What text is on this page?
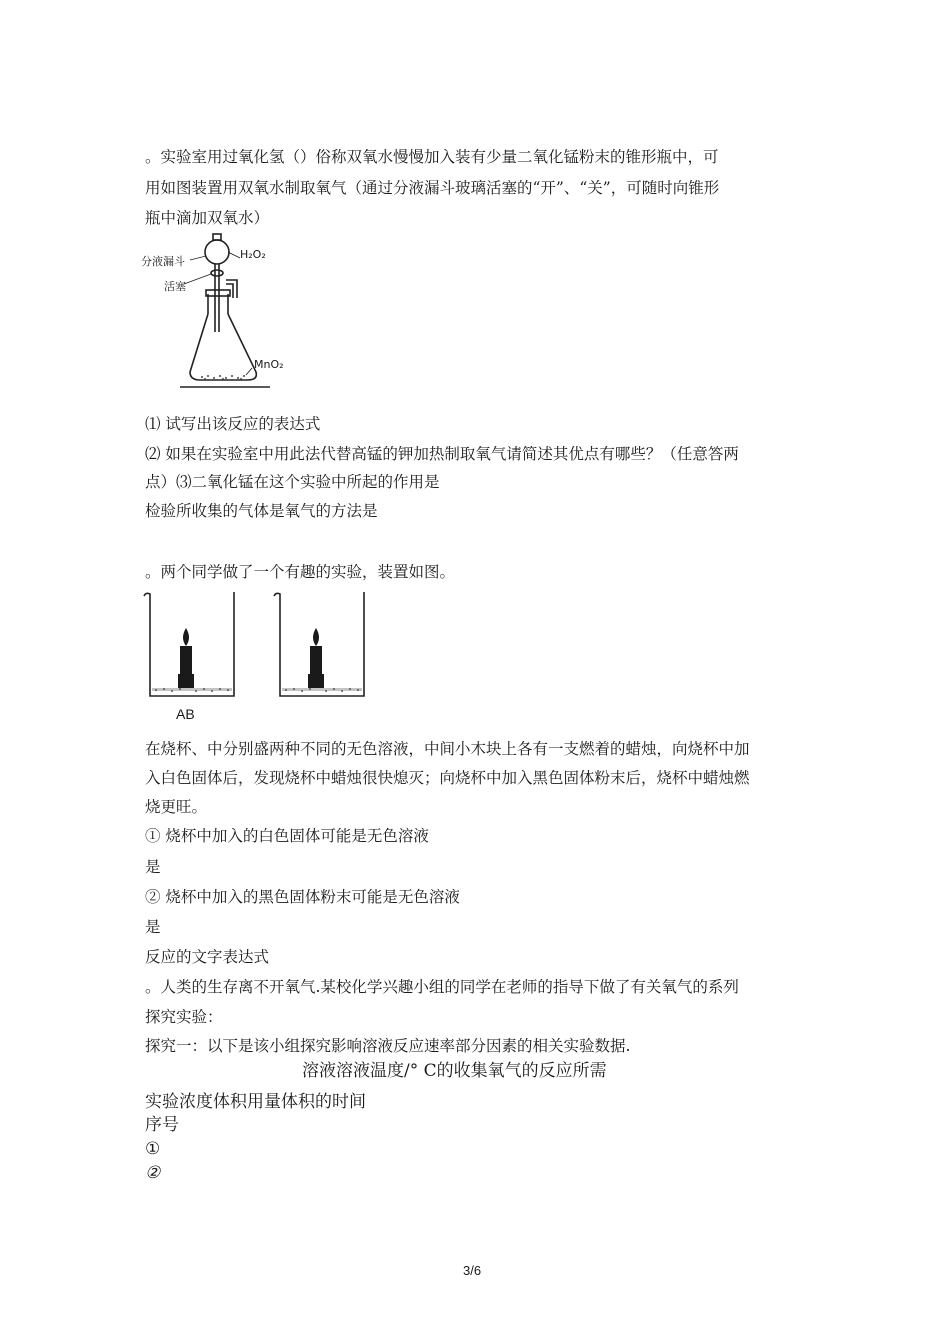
。实验室用过氧化氢（）俗称双氧水慢慢加入装有少量二氧化锰粉末的锥形瓶中，可
用如图装置用双氧水制取氧气（通过分液漏斗玻璃活塞的“开”、“关”，可随时向锥形
瓶中滴加双氧水）
分液漏斗
H₂O₂
活塞
MnO₂
⑴ 试写出该反应的表达式
⑵ 如果在实验室中用此法代替高锰的钾加热制取氧气请简述其优点有哪些？（任意答两
点）⑶二氧化锰在这个实验中所起的作用是
检验所收集的气体是氧气的方法是
。两个同学做了一个有趣的实验，装置如图。
AB
在烧杯、中分别盛两种不同的无色溶液，中间小木块上各有一支燃着的蜡烛，向烧杯中加
入白色固体后，发现烧杯中蜡烛很快熄灭；向烧杯中加入黑色固体粉末后，烧杯中蜡烛燃
烧更旺。
① 烧杯中加入的白色固体可能是无色溶液
是
② 烧杯中加入的黑色固体粉末可能是无色溶液
是
反应的文字表达式
。人类的生存离不开氧气.某校化学兴趣小组的同学在老师的指导下做了有关氧气的系列
探究实验：
探究一：以下是该小组探究影响溶液反应速率部分因素的相关实验数据.
溶液溶液温度/° C的收集氧气的反应所需
实验浓度体积用量体积的时间
序号
①
②
3/6
